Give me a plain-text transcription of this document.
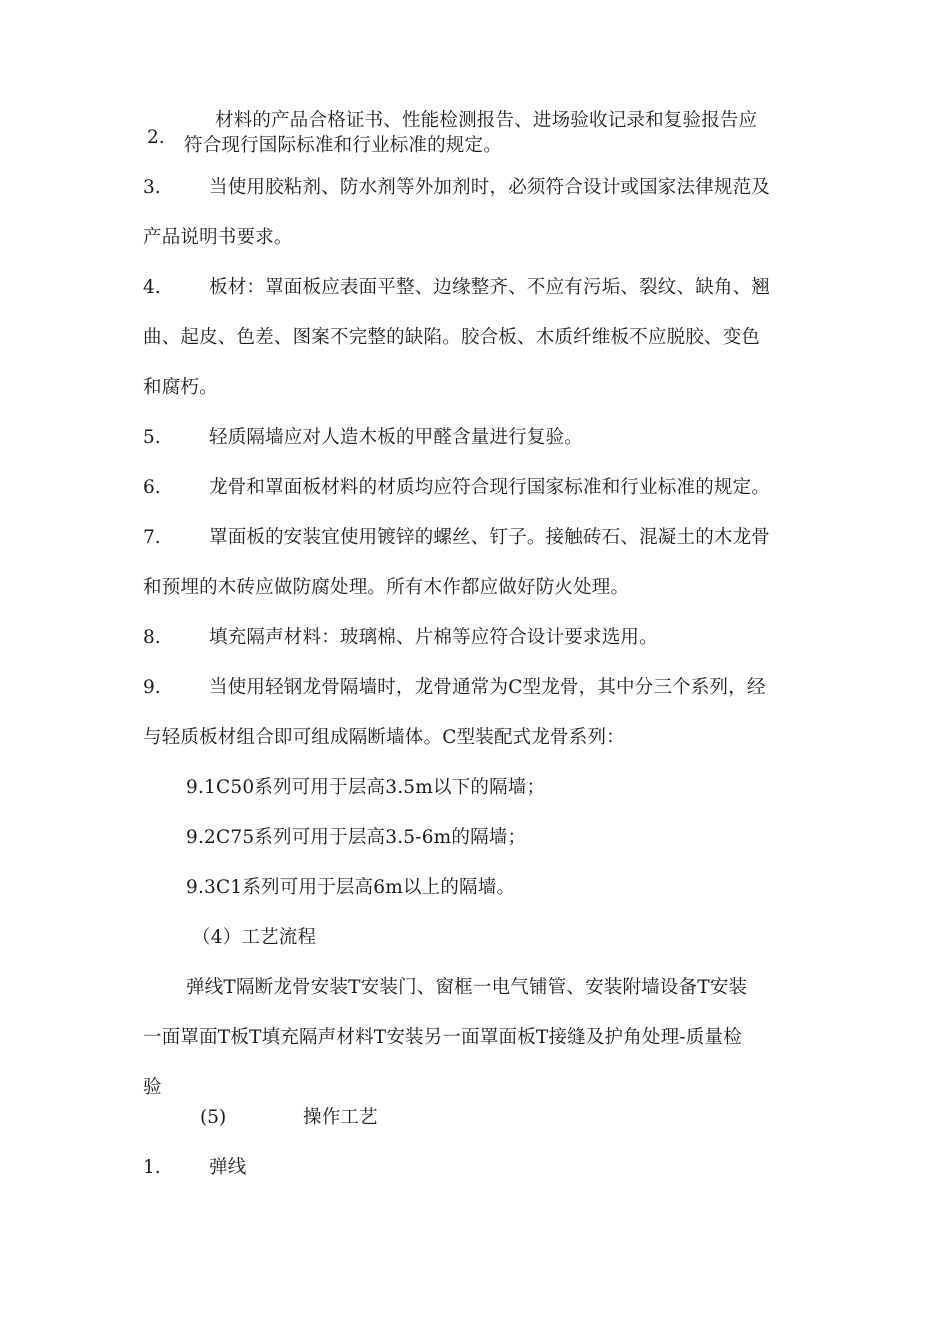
2.
材料的产品合格证书、性能检测报告、进场验收记录和复验报告应
符合现行国际标准和行业标准的规定。
3.	当使用胶粘剂、防水剂等外加剂时，必须符合设计或国家法律规范及
产品说明书要求。
4.	板材：罩面板应表面平整、边缘整齐、不应有污垢、裂纹、缺角、翘
曲、起皮、色差、图案不完整的缺陷。胶合板、木质纤维板不应脱胶、变色
和腐朽。
5.	轻质隔墙应对人造木板的甲醛含量进行复验。
6.	龙骨和罩面板材料的材质均应符合现行国家标准和行业标准的规定。
7.	罩面板的安装宜使用镀锌的螺丝、钉子。接触砖石、混凝土的木龙骨
和预埋的木砖应做防腐处理。所有木作都应做好防火处理。
8.	填充隔声材料：玻璃棉、片棉等应符合设计要求选用。
9.	当使用轻钢龙骨隔墙时，龙骨通常为C型龙骨，其中分三个系列，经
与轻质板材组合即可组成隔断墙体。C型装配式龙骨系列：
9.1C50系列可用于层高3.5m以下的隔墙；
9.2C75系列可用于层高3.5-6m的隔墙；
9.3C1系列可用于层高6m以上的隔墙。
（4）工艺流程
弹线T隔断龙骨安装T安装门、窗框一电气铺管、安装附墙设备T安装
一面罩面T板T填充隔声材料T安装另一面罩面板T接缝及护角处理-质量检
验
(5)	操作工艺
1.	弹线
